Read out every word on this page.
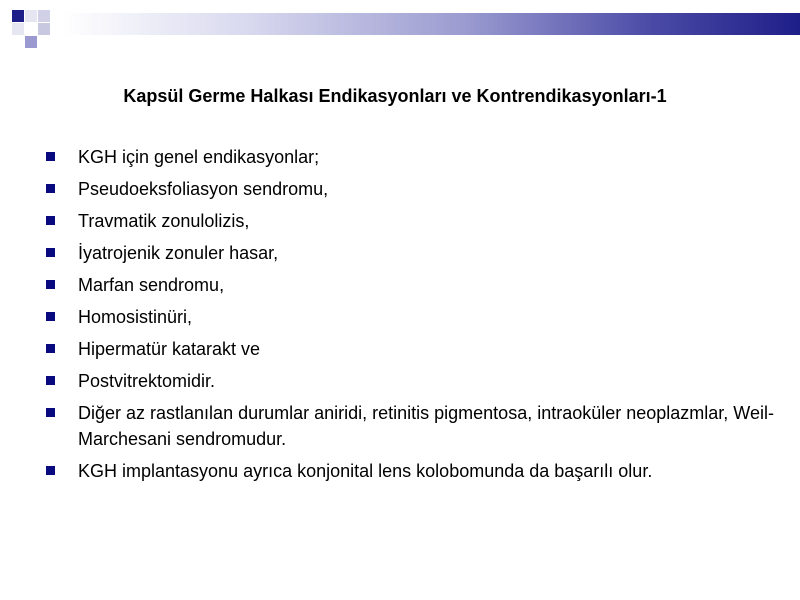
Kapsül Germe Halkası Endikasyonları ve Kontrendikasyonları-1
KGH için genel endikasyonlar;
Pseudoeksfoliasyon sendromu,
Travmatik zonulolizis,
İyatrojenik zonuler hasar,
Marfan sendromu,
Homosistinüri,
Hipermatür katarakt ve
Postvitrektomidir.
Diğer az rastlanılan durumlar aniridi, retinitis pigmentosa, intraoküler neoplazmlar, Weil-Marchesani sendromudur.
KGH implantasyonu ayrıca konjonital lens kolobomunda da başarılı olur.
